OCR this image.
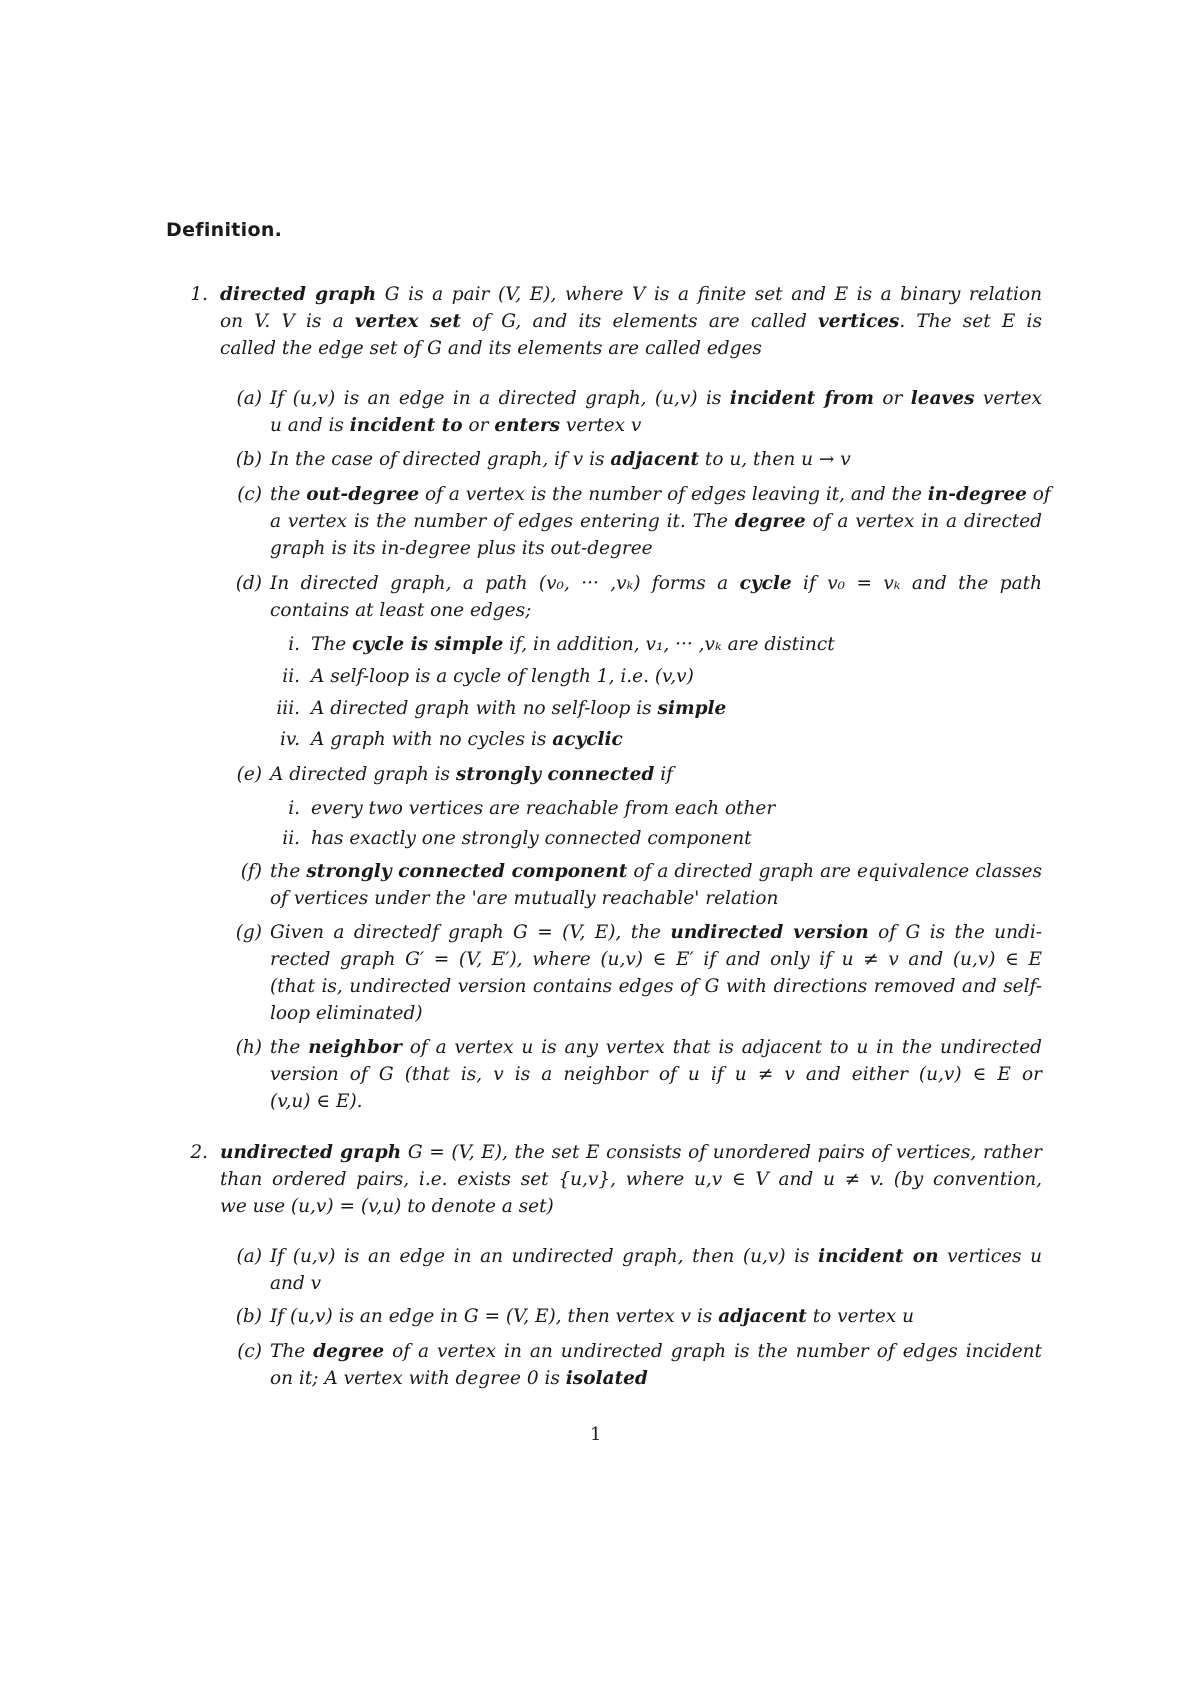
Definition.
1. directed graph G is a pair (V, E), where V is a finite set and E is a binary relation
on V. V is a vertex set of G, and its elements are called vertices. The set E is
called the edge set of G and its elements are called edges
(a) If (u,v) is an edge in a directed graph, (u,v) is incident from or leaves vertex
u and is incident to or enters vertex v
(b) In the case of directed graph, if v is adjacent to u, then u → v
(c) the out-degree of a vertex is the number of edges leaving it, and the in-degree of
a vertex is the number of edges entering it. The degree of a vertex in a directed
graph is its in-degree plus its out-degree
(d) In directed graph, a path (v₀, ··· ,vₖ) forms a cycle if v₀ = vₖ and the path
contains at least one edges;
i. The cycle is simple if, in addition, v₁, ··· ,vₖ are distinct
ii. A self-loop is a cycle of length 1, i.e. (v,v)
iii. A directed graph with no self-loop is simple
iv. A graph with no cycles is acyclic
(e) A directed graph is strongly connected if
i. every two vertices are reachable from each other
ii. has exactly one strongly connected component
(f) the strongly connected component of a directed graph are equivalence classes
of vertices under the 'are mutually reachable' relation
(g) Given a directedf graph G = (V, E), the undirected version of G is the undi-
rected graph G′ = (V, E′), where (u,v) ∈ E′ if and only if u ≠ v and (u,v) ∈ E
(that is, undirected version contains edges of G with directions removed and self-
loop eliminated)
(h) the neighbor of a vertex u is any vertex that is adjacent to u in the undirected
version of G (that is, v is a neighbor of u if u ≠ v and either (u,v) ∈ E or
(v,u) ∈ E).
2. undirected graph G = (V, E), the set E consists of unordered pairs of vertices, rather
than ordered pairs, i.e. exists set {u,v}, where u,v ∈ V and u ≠ v. (by convention,
we use (u,v) = (v,u) to denote a set)
(a) If (u,v) is an edge in an undirected graph, then (u,v) is incident on vertices u
and v
(b) If (u,v) is an edge in G = (V, E), then vertex v is adjacent to vertex u
(c) The degree of a vertex in an undirected graph is the number of edges incident
on it; A vertex with degree 0 is isolated
1
